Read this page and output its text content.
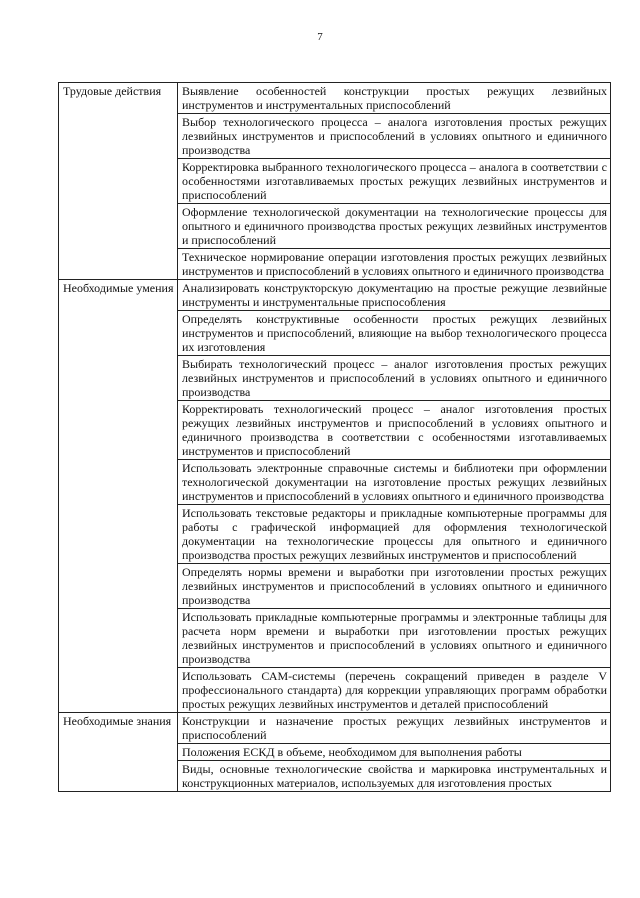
7
Трудовые действия	Выявление особенностей конструкции простых режущих лезвийных инструментов и инструментальных приспособлений
	Выбор технологического процесса – аналога изготовления простых режущих лезвийных инструментов и приспособлений в условиях опытного и единичного производства
	Корректировка выбранного технологического процесса – аналога в соответствии с особенностями изготавливаемых простых режущих лезвийных инструментов и приспособлений
	Оформление технологической документации на технологические процессы для опытного и единичного производства простых режущих лезвийных инструментов и приспособлений
	Техническое нормирование операции изготовления простых режущих лезвийных инструментов и приспособлений в условиях опытного и единичного производства
Необходимые умения	Анализировать конструкторскую документацию на простые режущие лезвийные инструменты и инструментальные приспособления
	Определять конструктивные особенности простых режущих лезвийных инструментов и приспособлений, влияющие на выбор технологического процесса их изготовления
	Выбирать технологический процесс – аналог изготовления простых режущих лезвийных инструментов и приспособлений в условиях опытного и единичного производства
	Корректировать технологический процесс – аналог изготовления простых режущих лезвийных инструментов и приспособлений в условиях опытного и единичного производства в соответствии с особенностями изготавливаемых инструментов и приспособлений
	Использовать электронные справочные системы и библиотеки при оформлении технологической документации на изготовление простых режущих лезвийных инструментов и приспособлений в условиях опытного и единичного производства
	Использовать текстовые редакторы и прикладные компьютерные программы для работы с графической информацией для оформления технологической документации на технологические процессы для опытного и единичного производства простых режущих лезвийных инструментов и приспособлений
	Определять нормы времени и выработки при изготовлении простых режущих лезвийных инструментов и приспособлений в условиях опытного и единичного производства
	Использовать прикладные компьютерные программы и электронные таблицы для расчета норм времени и выработки при изготовлении простых режущих лезвийных инструментов и приспособлений в условиях опытного и единичного производства
	Использовать САМ-системы (перечень сокращений приведен в разделе V профессионального стандарта) для коррекции управляющих программ обработки простых режущих лезвийных инструментов и деталей приспособлений
Необходимые знания	Конструкции и назначение простых режущих лезвийных инструментов и приспособлений
	Положения ЕСКД в объеме, необходимом для выполнения работы
	Виды, основные технологические свойства и маркировка инструментальных и конструкционных материалов, используемых для изготовления простых
